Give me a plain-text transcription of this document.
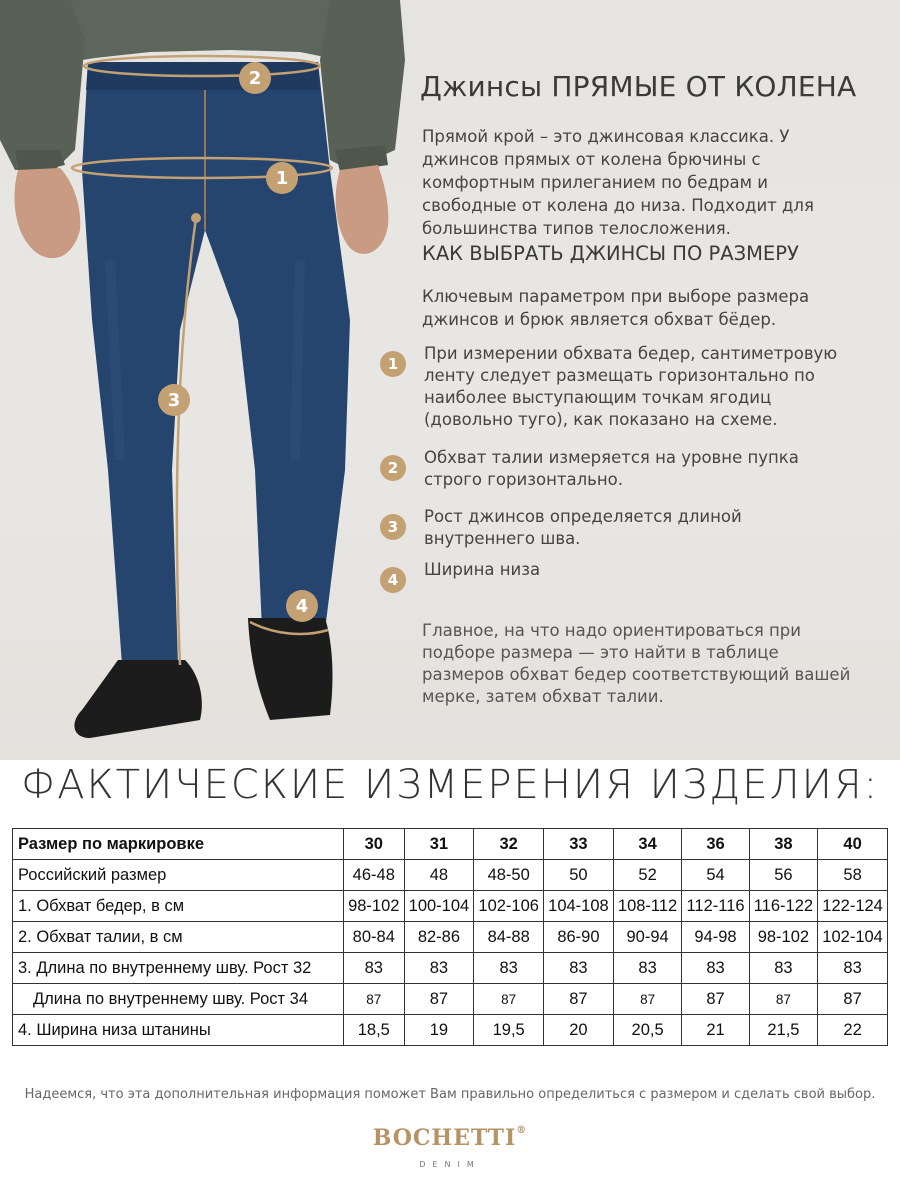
2
1
3
4
Джинсы ПРЯМЫЕ ОТ КОЛЕНА

Прямой крой – это джинсовая классика. У джинсов прямых от колена брючины с комфортным прилеганием по бедрам и свободные от колена до низа. Подходит для большинства типов телосложения.

КАК ВЫБРАТЬ ДЖИНСЫ ПО РАЗМЕРУ

Ключевым параметром при выборе размера джинсов и брюк является обхват бёдер.

1

При измерении обхвата бедер, сантиметровую ленту следует размещать горизонтально по наиболее выступающим точкам ягодиц (довольно туго), как показано на схеме.

2

Обхват талии измеряется на уровне пупка строго горизонтально.

3

Рост джинсов определяется длиной внутреннего шва.

4

Ширина низа

Главное, на что надо ориентироваться при подборе размера — это найти в таблице размеров обхват бедер соответствующий вашей мерке, затем обхват талии.

ФАКТИЧЕСКИЕ ИЗМЕРЕНИЯ ИЗДЕЛИЯ:
Размер по маркировке	30	31	32	33	34	36	38	40
Российский размер	46-48	48	48-50	50	52	54	56	58
1. Обхват бедер, в см	98-102	100-104	102-106	104-108	108-112	112-116	116-122	122-124
2. Обхват талии, в см	80-84	82-86	84-88	86-90	90-94	94-98	98-102	102-104
3. Длина по внутреннему шву. Рост 32	83	83	83	83	83	83	83	83
Длина по внутреннему шву. Рост 34	87	87	87	87	87	87	87	87
4. Ширина низа штанины	18,5	19	19,5	20	20,5	21	21,5	22
Надеемся, что эта дополнительная информация поможет Вам правильно определиться с размером и сделать свой выбор.
BOCHETTI®
DENIM
